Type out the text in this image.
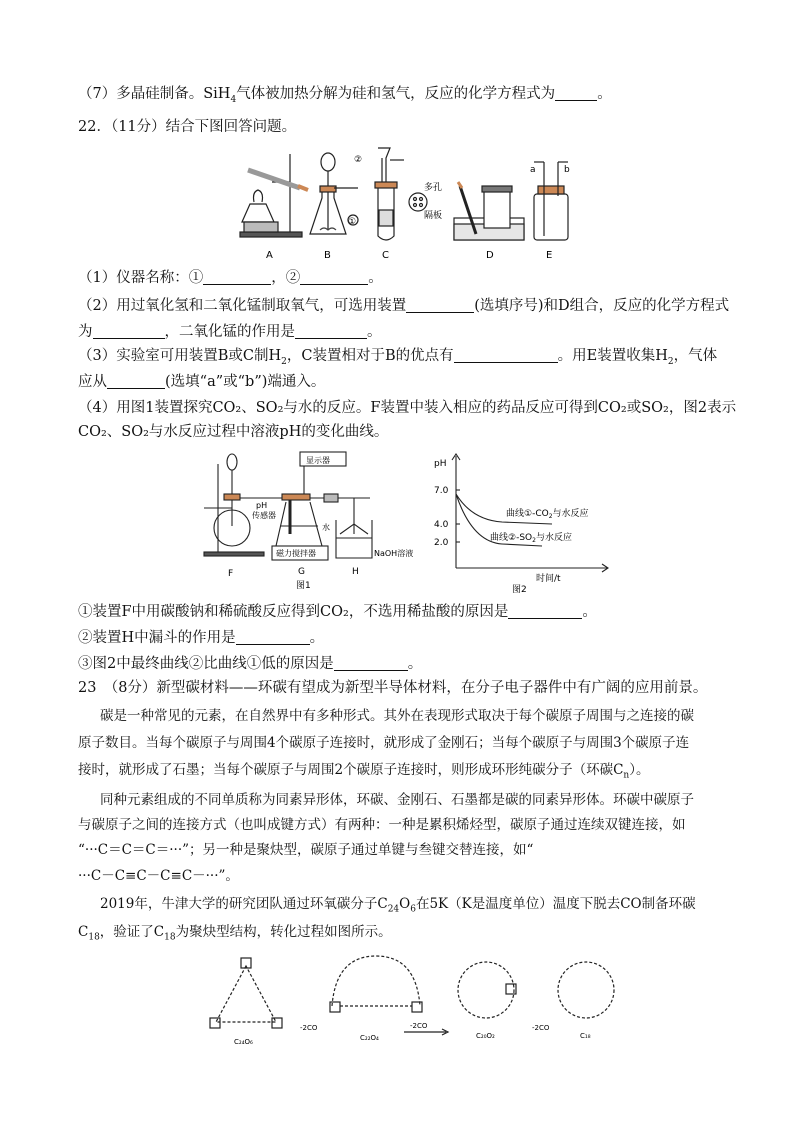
（7）多晶硅制备。SiH$_4$气体被加热分解为硅和氢气，反应的化学方程式为	。
22．（11分）结合下图回答问题。
A	B	C	D	E
a	b
①
②
多孔
隔板
（1）仪器名称：①	，②	。
（2）用过氧化氢和二氧化锰制取氧气，可选用装置	(选填序号)和D组合，反应的化学方程式
为	，二氧化锰的作用是	。
（3）实验室可用装置B或C制$H_2$，C装置相对于B的优点有	。用E装置收集$H_2$，气体
应从	(选填“a”或“b”)端通入。
（4）用图1装置探究CO₂、SO₂与水的反应。F装置中装入相应的药品反应可得到CO₂或SO₂，图2表示
CO₂、SO₂与水反应过程中溶液pH的变化曲线。
显示器
pH
传感器
水
磁力搅拌器	NaOH溶液
F	G	H
图1
pH
7.0
4.0
2.0
曲线$①-CO_2$与水反应
曲线$②-SO_2$与水反应
时间/t
图2
①装置F中用碳酸钠和稀硫酸反应得到CO₂，不选用稀盐酸的原因是	。
②装置H中漏斗的作用是	。
③图2中最终曲线②比曲线①低的原因是	。
23　（8分）新型碳材料——环碳有望成为新型半导体材料，在分子电子器件中有广阔的应用前景。
碳是一种常见的元素，在自然界中有多种形式。其外在表现形式取决于每个碳原子周围与之连接的碳
原子数目。当每个碳原子与周围4个碳原子连接时，就形成了金刚石；当每个碳原子与周围3个碳原子连
接时，就形成了石墨；当每个碳原子与周围2个碳原子连接时，则形成环形纯碳分子（环碳$C_n$）。
同种元素组成的不同单质称为同素异形体，环碳、金刚石、石墨都是碳的同素异形体。环碳中碳原子
与碳原子之间的连接方式（也叫成键方式）有两种：一种是累积烯烃型，碳原子通过连续双键连接，如
“···C＝C＝C＝···”；另一种是聚炔型，碳原子通过单键与叁键交替连接，如“
···C－C≡C－C≡C－···”。
2019年，牛津大学的研究团队通过环氧碳分子$C_{24}O_6$在5K（K是温度单位）温度下脱去CO制备环碳
$C_{18}$，验证了$C_{18}$为聚炔型结构，转化过程如图所示。
C₂₄O₆
-2CO
C₂₂O₄
-2CO
C₂₀O₂
-2CO
C₁₈
